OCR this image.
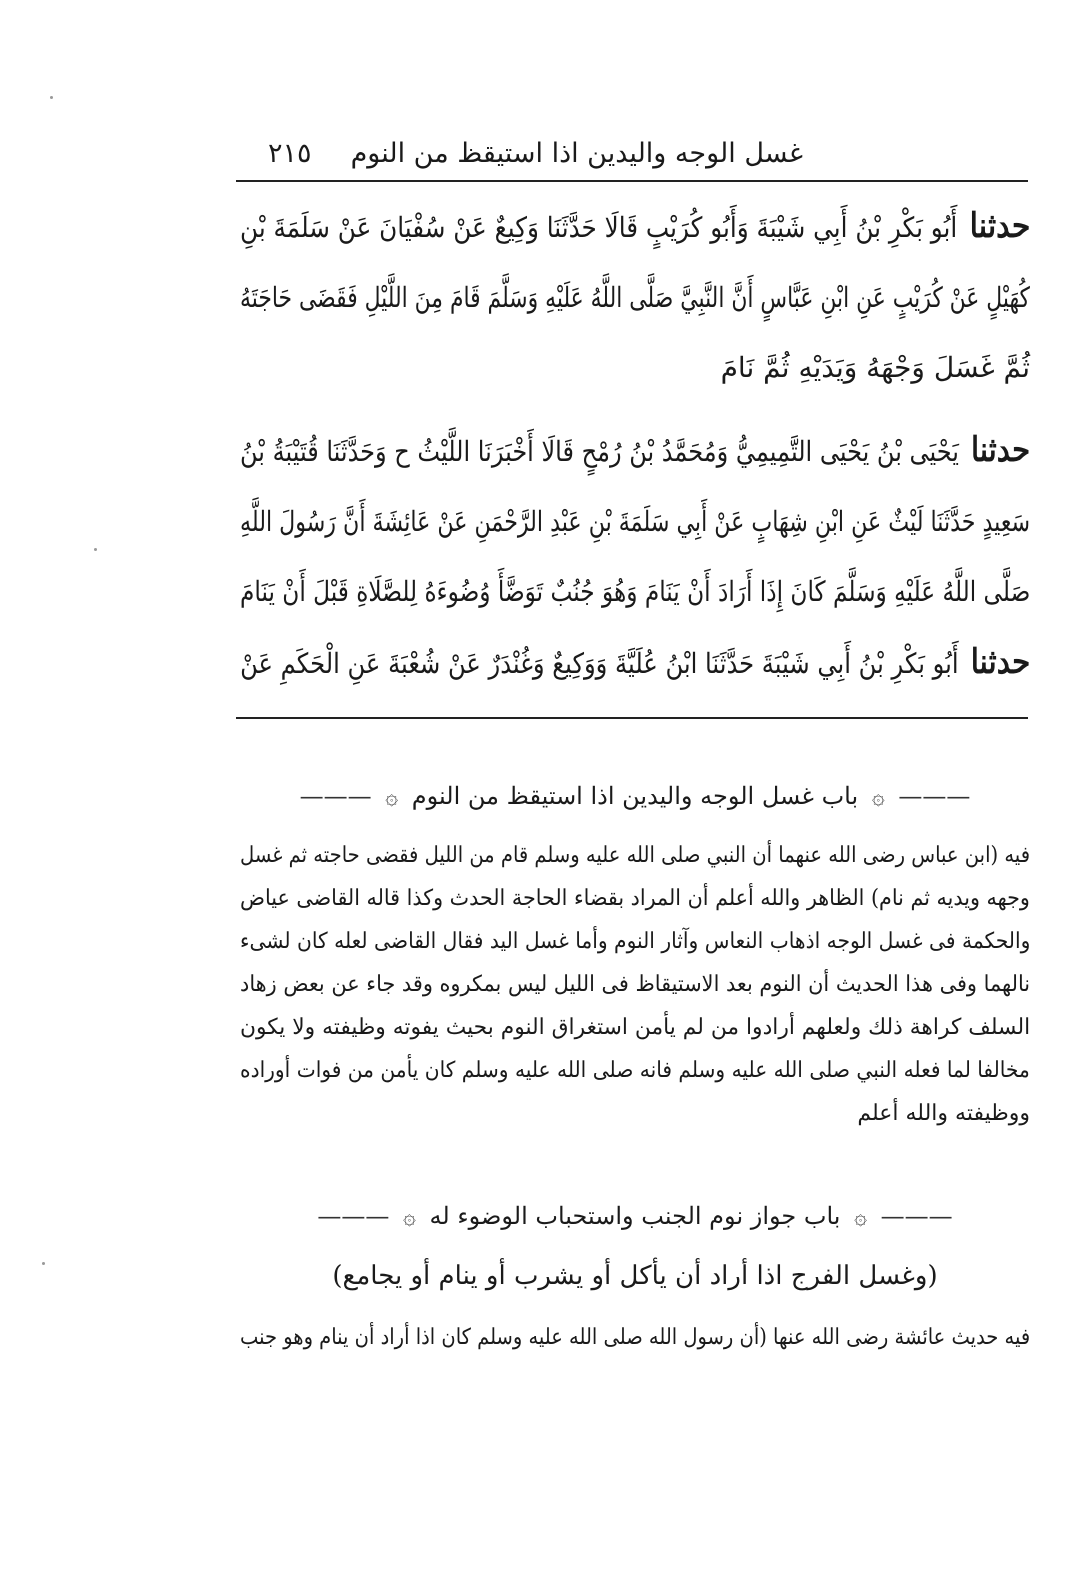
غسل الوجه واليدين اذا استيقظ من النوم
٢١٥
حدثناأَبُو بَكْرِ بْنُ أَبِي شَيْبَةَ وَأَبُو كُرَيْبٍ قَالَا حَدَّثَنَا وَكِيعٌ عَنْ سُفْيَانَ عَنْ سَلَمَةَ بْنِ
كُهَيْلٍ عَنْ كُرَيْبٍ عَنِ ابْنِ عَبَّاسٍ أَنَّ النَّبِيَّ صَلَّى اللَّهُ عَلَيْهِ وَسَلَّمَ قَامَ مِنَ اللَّيْلِ فَقَضَى حَاجَتَهُ
ثُمَّ غَسَلَ وَجْهَهُ وَيَدَيْهِ ثُمَّ نَامَ
حدثنايَحْيَى بْنُ يَحْيَى التَّمِيمِيُّ وَمُحَمَّدُ بْنُ رُمْحٍ قَالَا أَخْبَرَنَا اللَّيْثُ ح وَحَدَّثَنَا قُتَيْبَةُ بْنُ
سَعِيدٍ حَدَّثَنَا لَيْثٌ عَنِ ابْنِ شِهَابٍ عَنْ أَبِي سَلَمَةَ بْنِ عَبْدِ الرَّحْمَنِ عَنْ عَائِشَةَ أَنَّ رَسُولَ اللَّهِ
صَلَّى اللَّهُ عَلَيْهِ وَسَلَّمَ كَانَ إِذَا أَرَادَ أَنْ يَنَامَ وَهُوَ جُنُبٌ تَوَضَّأَ وُضُوءَهُ لِلصَّلَاةِ قَبْلَ أَنْ يَنَامَ
حدثناأَبُو بَكْرِ بْنُ أَبِي شَيْبَةَ حَدَّثَنَا ابْنُ عُلَيَّةَ وَوَكِيعٌ وَغُنْدَرٌ عَنْ شُعْبَةَ عَنِ الْحَكَمِ عَنْ
——— ۞ باب غسل الوجه واليدين اذا استيقظ من النوم ۞ ———
فيه (ابن عباس رضى الله عنهما أن النبي صلى الله عليه وسلم قام من الليل فقضى حاجته ثم غسل
وجهه ويديه ثم نام) الظاهر والله أعلم أن المراد بقضاء الحاجة الحدث وكذا قاله القاضى عياض
والحكمة فى غسل الوجه اذهاب النعاس وآثار النوم وأما غسل اليد فقال القاضى لعله كان لشىء
نالهما وفى هذا الحديث أن النوم بعد الاستيقاظ فى الليل ليس بمكروه وقد جاء عن بعض زهاد
السلف كراهة ذلك ولعلهم أرادوا من لم يأمن استغراق النوم بحيث يفوته وظيفته ولا يكون
مخالفا لما فعله النبي صلى الله عليه وسلم فانه صلى الله عليه وسلم كان يأمن من فوات أوراده
ووظيفته والله أعلم
——— ۞ باب جواز نوم الجنب واستحباب الوضوء له ۞ ———
(وغسل الفرج اذا أراد أن يأكل أو يشرب أو ينام أو يجامع)
فيه حديث عائشة رضى الله عنها (أن رسول الله صلى الله عليه وسلم كان اذا أراد أن ينام وهو جنب
